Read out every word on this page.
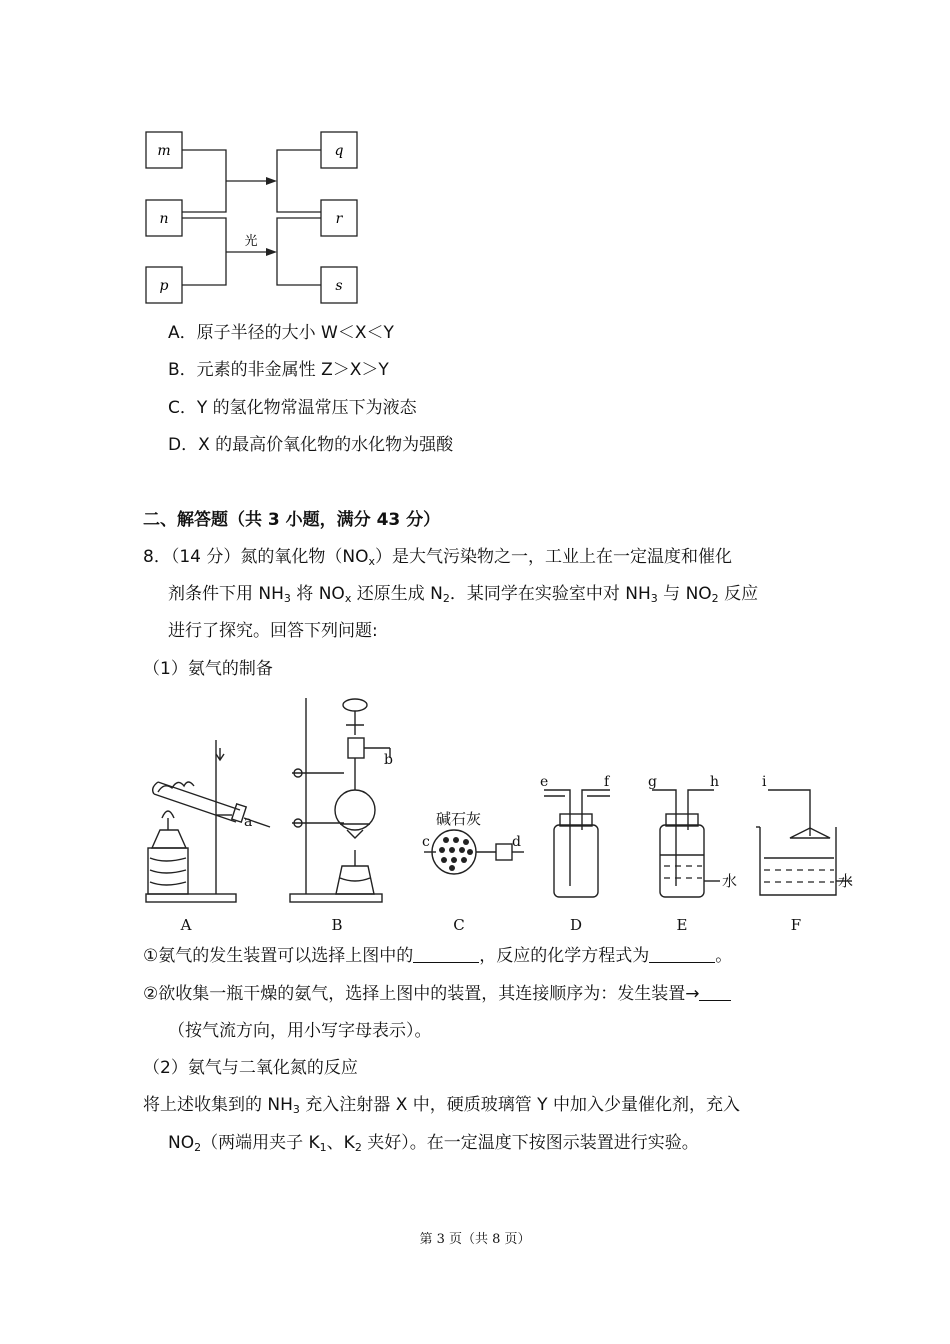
m
n
p
q
r
s
光
A．原子半径的大小 W＜X＜Y
B．元素的非金属性 Z＞X＞Y
C．Y 的氢化物常温常压下为液态
D．X 的最高价氧化物的水化物为强酸
二、解答题（共 3 小题，满分 43 分）
8．（14 分）氮的氧化物$(NO_x)$是大气污染物之一，工业上在一定温度和催化
剂条件下用 $NH_3$ 将 $NO_x$ 还原生成 $N_2$．某同学在实验室中对 $NH_3$ 与 $NO_2$ 反应
进行了探究。回答下列问题:
（1）氨气的制备
a
b
c	d
e	f	g	h	i
碱石灰
水	水
A	B	C	D	E	F
①氨气的发生装置可以选择上图中的	，反应的化学方程式为	。
②欲收集一瓶干燥的氨气，选择上图中的装置，其连接顺序为：发生装置→
（按气流方向，用小写字母表示）。
（2）氨气与二氧化氮的反应
将上述收集到的 $NH_3$ 充入注射器 X 中，硬质玻璃管 Y 中加入少量催化剂，充入
$NO_2$（两端用夹子 $K_1$、$K_2$ 夹好）。在一定温度下按图示装置进行实验。
第 3 页（共 8 页）
